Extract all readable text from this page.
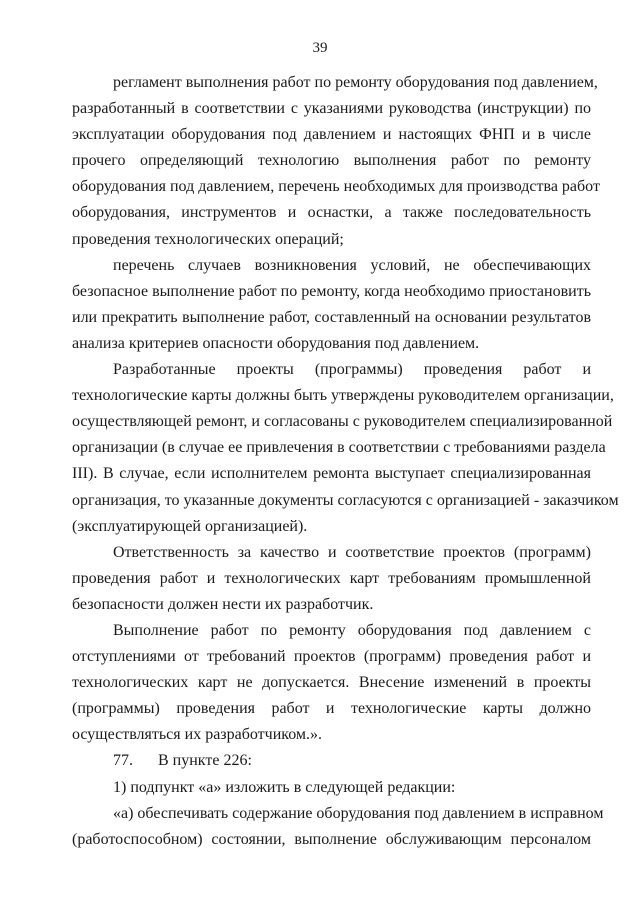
39

регламент выполнения работ по ремонту оборудования под давлением,
разработанный в соответствии с указаниями руководства (инструкции) по
эксплуатации оборудования под давлением и настоящих ФНП и в числе
прочего определяющий технологию выполнения работ по ремонту
оборудования под давлением, перечень необходимых для производства работ
оборудования, инструментов и оснастки, а также последовательность
проведения технологических операций;

перечень случаев возникновения условий, не обеспечивающих
безопасное выполнение работ по ремонту, когда необходимо приостановить
или прекратить выполнение работ, составленный на основании результатов
анализа критериев опасности оборудования под давлением.

Разработанные проекты (программы) проведения работ и
технологические карты должны быть утверждены руководителем организации,
осуществляющей ремонт, и согласованы с руководителем специализированной
организации (в случае ее привлечения в соответствии с требованиями раздела
III). В случае, если исполнителем ремонта выступает специализированная
организация, то указанные документы согласуются с организацией - заказчиком
(эксплуатирующей организацией).

Ответственность за качество и соответствие проектов (программ)
проведения работ и технологических карт требованиям промышленной
безопасности должен нести их разработчик.

Выполнение работ по ремонту оборудования под давлением с
отступлениями от требований проектов (программ) проведения работ и
технологических карт не допускается. Внесение изменений в проекты
(программы) проведения работ и технологические карты должно
осуществляться их разработчиком.».

77. В пункте 226:
1) подпункт «а» изложить в следующей редакции:

«а) обеспечивать содержание оборудования под давлением в исправном
(работоспособном) состоянии, выполнение обслуживающим персоналом
